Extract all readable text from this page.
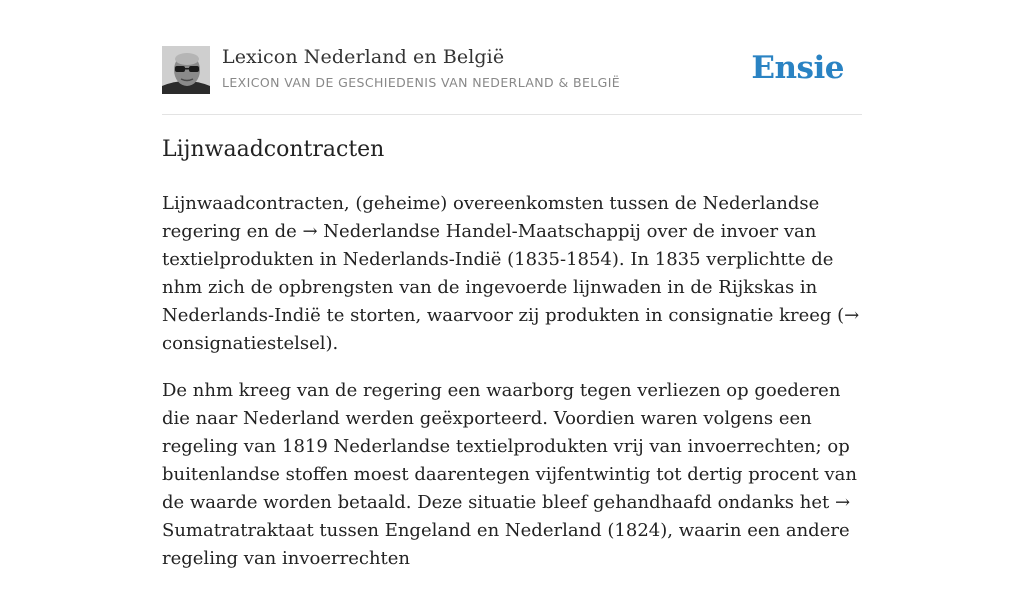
Lexicon Nederland en België
LEXICON VAN DE GESCHIEDENIS VAN NEDERLAND & BELGIË	Ensie
Lijnwaadcontracten

Lijnwaadcontracten, (geheime) overeenkomsten tussen de Nederlandse regering en de → Nederlandse Handel-Maatschappij over de invoer van textielprodukten in Nederlands-Indië (1835-1854). In 1835 verplichtte de nhm zich de opbrengsten van de ingevoerde lijnwaden in de Rijkskas in Nederlands-Indië te storten, waarvoor zij produkten in consignatie kreeg (→ consignatiestelsel).

De nhm kreeg van de regering een waarborg tegen verliezen op goederen die naar Nederland werden geëxporteerd. Voordien waren volgens een regeling van 1819 Nederlandse textielprodukten vrij van invoerrechten; op buitenlandse stoffen moest daarentegen vijfentwintig tot dertig procent van de waarde worden betaald. Deze situatie bleef gehandhaafd ondanks het → Sumatratraktaat tussen Engeland en Nederland (1824), waarin een andere regeling van invoerrechten
